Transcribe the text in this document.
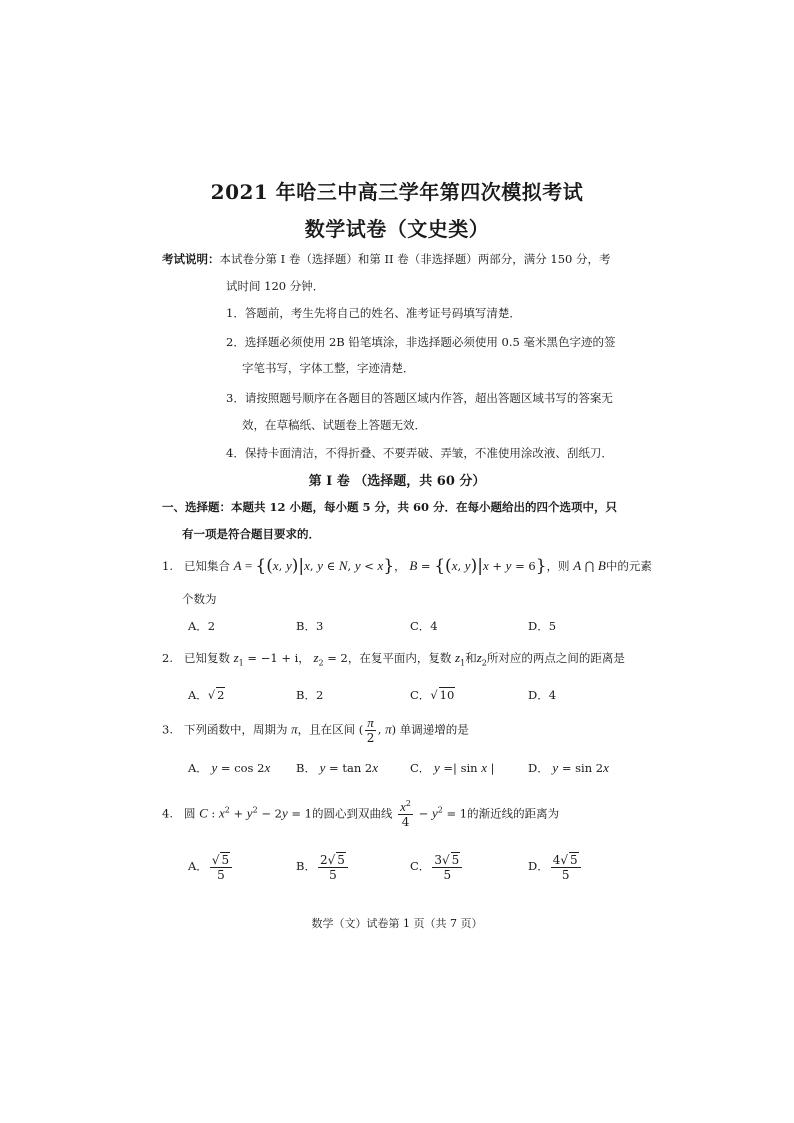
2021 年哈三中高三学年第四次模拟考试
数学试卷（文史类）
考试说明：本试卷分第 I 卷（选择题）和第 II 卷（非选择题）两部分，满分 150 分，考
试时间 120 分钟．
1．答题前，考生先将自己的姓名、准考证号码填写清楚．
2．选择题必须使用 2B 铅笔填涂，非选择题必须使用 0.5 毫米黑色字迹的签
字笔书写，字体工整，字迹清楚．
3．请按照题号顺序在各题目的答题区域内作答，超出答题区域书写的答案无
效，在草稿纸、试题卷上答题无效．
4．保持卡面清洁，不得折叠、不要弄破、弄皱，不准使用涂改液、刮纸刀．
第 I 卷 （选择题，共 60 分）
一、选择题：本题共 12 小题，每小题 5 分，共 60 分．在每小题给出的四个选项中，只
有一项是符合题目要求的．
1. 已知集合 A = {(x, y)|x, y ∈ N, y < x}， B = {(x, y)|x + y = 6}，则 A ⋂ B中的元素
个数为
A．2	B．3	C．4	D．5
2. 已知复数 $z_1 = -1 + i$， $z_2 = 2$，在复平面内，复数 $z_1$和$z_2$所对应的两点之间的距离是
A．√ 2	B．2	C．√ 10	D．4
3. 下列函数中，周期为 π，且在区间 ( $\frac{\pi}{2}$ , π) 单调递增的是
A． y = cos 2x B． y = tan 2x	C． y =| sin x |	D． y = sin 2x
4. 圆 C : $x^2 + y^2 - 2y = 1$的圆心到双曲线 $\frac{x^2}{4} - y^2 = 1$的渐近线的距离为
A． $\frac{√ 5}{5}$	B． $\frac{2√ 5}{5}$	C． $\frac{3√ 5}{5}$	D． $\frac{4√ 5}{5}$
数学（文）试卷第 1 页（共 7 页）
